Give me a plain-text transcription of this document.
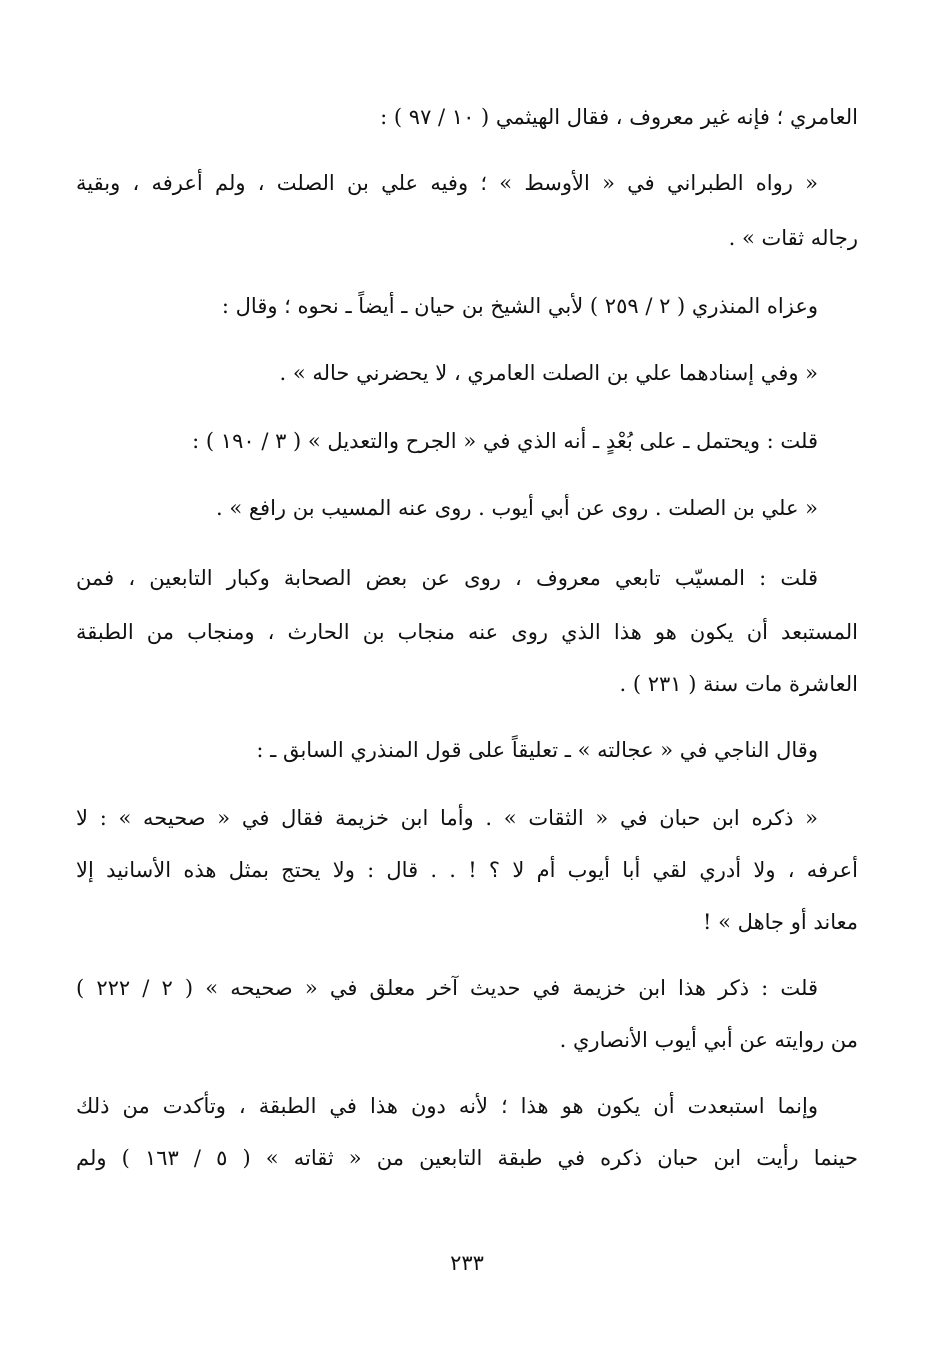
العامري ؛ فإنه غير معروف ، فقال الهيثمي ( ١٠ / ٩٧ ) :
« رواه الطبراني في « الأوسط » ؛ وفيه علي بن الصلت ، ولم أعرفه ، وبقية
رجاله ثقات » .
وعزاه المنذري ( ٢ / ٢٥٩ ) لأبي الشيخ بن حيان ـ أيضاً ـ نحوه ؛ وقال :
« وفي إسنادهما علي بن الصلت العامري ، لا يحضرني حاله » .
قلت : ويحتمل ـ على بُعْدٍ ـ أنه الذي في « الجرح والتعديل » ( ٣ / ١٩٠ ) :
« علي بن الصلت . روى عن أبي أيوب . روى عنه المسيب بن رافع » .
قلت : المسيّب تابعي معروف ، روى عن بعض الصحابة وكبار التابعين ، فمن
المستبعد أن يكون هو هذا الذي روى عنه منجاب بن الحارث ، ومنجاب من الطبقة
العاشرة مات سنة ( ٢٣١ ) .
وقال الناجي في « عجالته » ـ تعليقاً على قول المنذري السابق ـ :
« ذكره ابن حبان في « الثقات » . وأما ابن خزيمة فقال في « صحيحه » : لا
أعرفه ، ولا أدري لقي أبا أيوب أم لا ؟ ! . . قال : ولا يحتج بمثل هذه الأسانيد إلا
معاند أو جاهل » !
قلت : ذكر هذا ابن خزيمة في حديث آخر معلق في « صحيحه » ( ٢ / ٢٢٢ )
من روايته عن أبي أيوب الأنصاري .
وإنما استبعدت أن يكون هو هذا ؛ لأنه دون هذا في الطبقة ، وتأكدت من ذلك
حينما رأيت ابن حبان ذكره في طبقة التابعين من « ثقاته » ( ٥ / ١٦٣ ) ولم
٢٣٣
